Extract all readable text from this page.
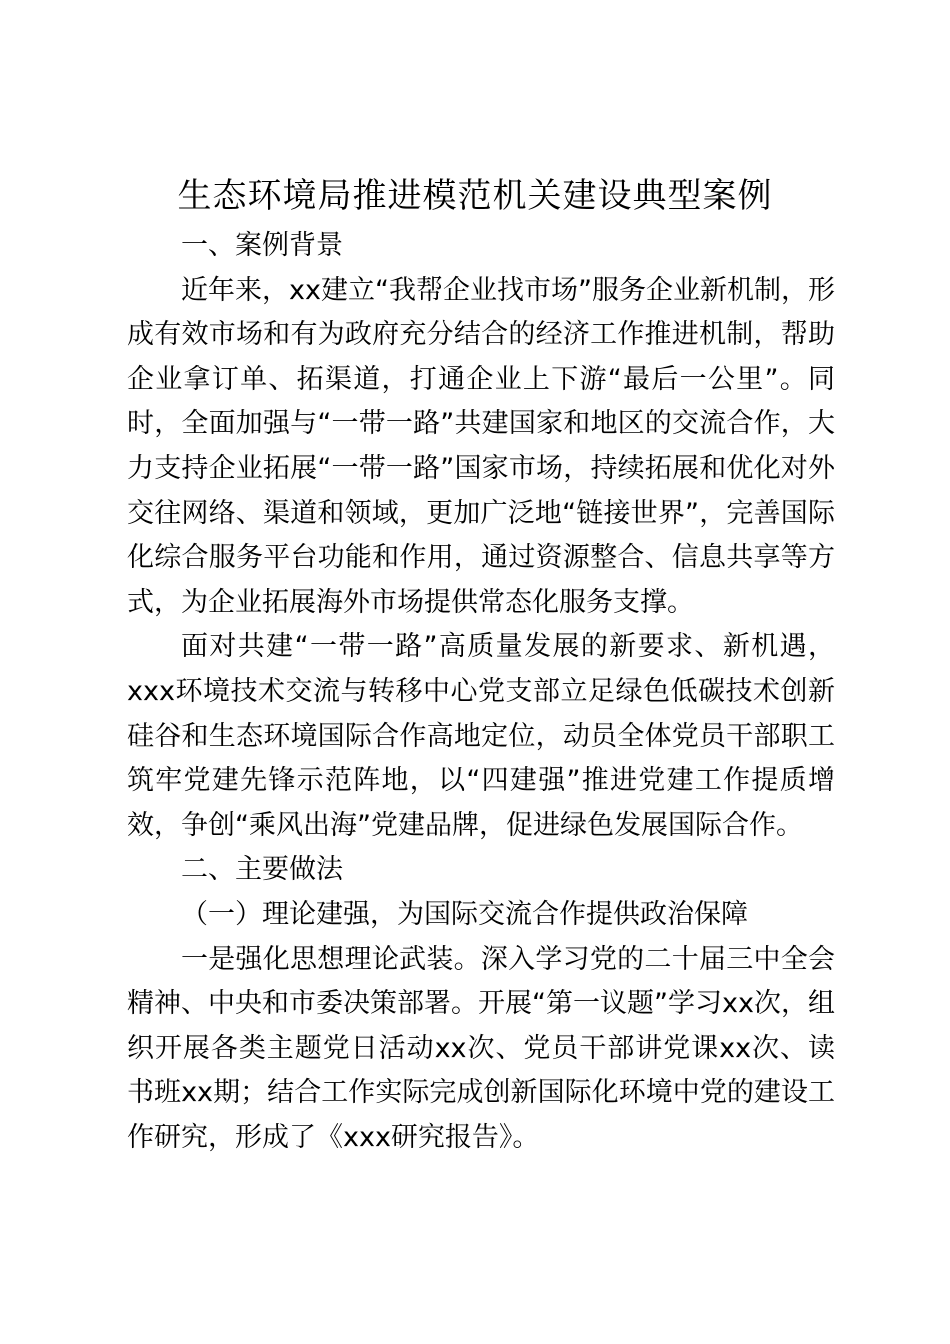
生态环境局推进模范机关建设典型案例

一、案例背景

近年来，xx建立“我帮企业找市场”服务企业新机制，形成有效市场和有为政府充分结合的经济工作推进机制，帮助企业拿订单、拓渠道，打通企业上下游“最后一公里”。同时，全面加强与“一带一路”共建国家和地区的交流合作，大力支持企业拓展“一带一路”国家市场，持续拓展和优化对外交往网络、渠道和领域，更加广泛地“链接世界”，完善国际化综合服务平台功能和作用，通过资源整合、信息共享等方式，为企业拓展海外市场提供常态化服务支撑。

面对共建“一带一路”高质量发展的新要求、新机遇，xxx环境技术交流与转移中心党支部立足绿色低碳技术创新硅谷和生态环境国际合作高地定位，动员全体党员干部职工筑牢党建先锋示范阵地，以“四建强”推进党建工作提质增效，争创“乘风出海”党建品牌，促进绿色发展国际合作。

二、主要做法

（一）理论建强，为国际交流合作提供政治保障

一是强化思想理论武装。深入学习党的二十届三中全会精神、中央和市委决策部署。开展“第一议题”学习xx次，组织开展各类主题党日活动xx次、党员干部讲党课xx次、读书班xx期；结合工作实际完成创新国际化环境中党的建设工作研究，形成了《xxx研究报告》。
